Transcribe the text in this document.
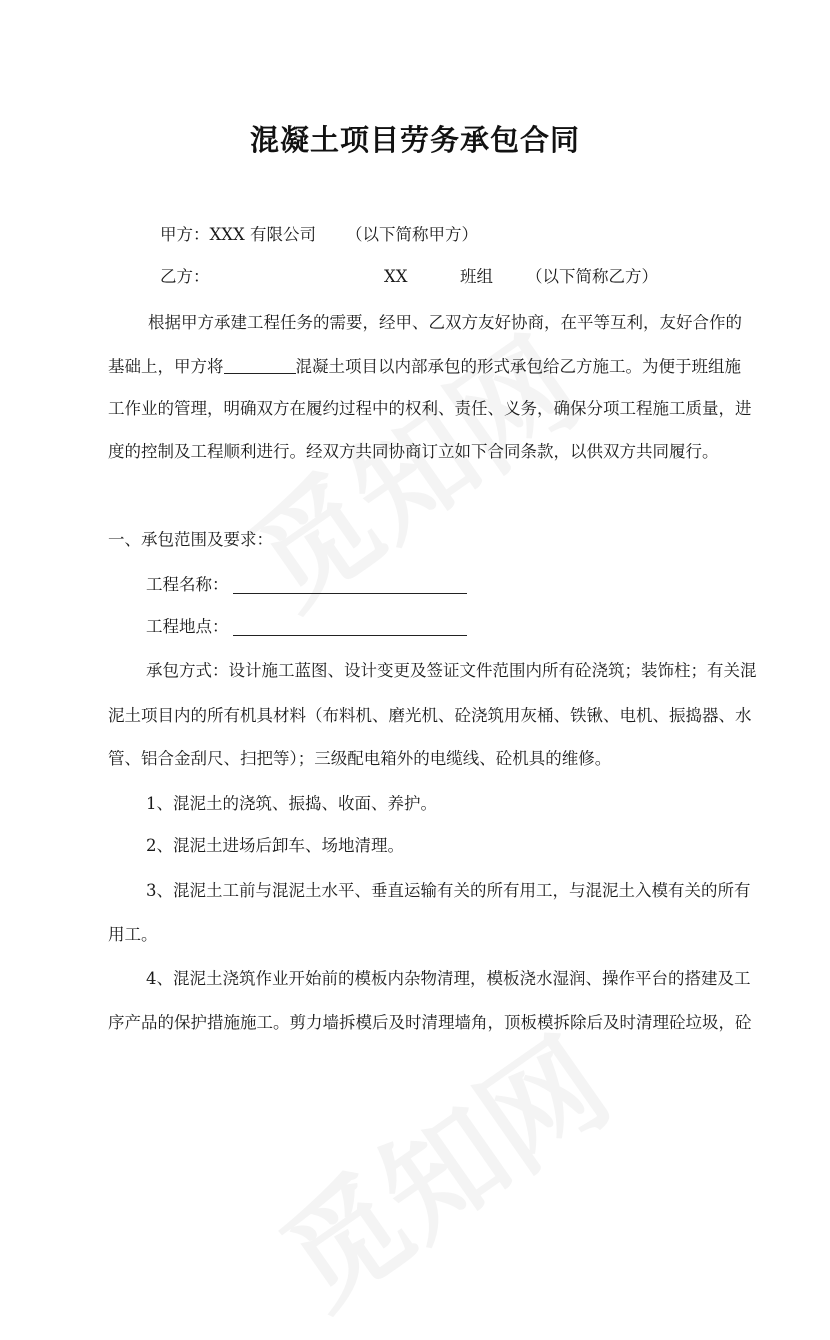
混凝土项目劳务承包合同
甲方：XXX 有限公司 （以下简称甲方）
乙方：	XX	班组 （以下简称乙方）
根据甲方承建工程任务的需要，经甲、乙双方友好协商，在平等互利，友好合作的
基础上，甲方将	混凝土项目以内部承包的形式承包给乙方施工。为便于班组施
工作业的管理，明确双方在履约过程中的权利、责任、义务，确保分项工程施工质量，进
度的控制及工程顺利进行。经双方共同协商订立如下合同条款，以供双方共同履行。
一、承包范围及要求：
工程名称：
工程地点：
承包方式：设计施工蓝图、设计变更及签证文件范围内所有砼浇筑；装饰柱；有关混
泥土项目内的所有机具材料（布料机、磨光机、砼浇筑用灰桶、铁锹、电机、振捣器、水
管、铝合金刮尺、扫把等）；三级配电箱外的电缆线、砼机具的维修。
1、混泥土的浇筑、振捣、收面、养护。
2、混泥土进场后卸车、场地清理。
3、混泥土工前与混泥土水平、垂直运输有关的所有用工，与混泥土入模有关的所有
用工。
4、混泥土浇筑作业开始前的模板内杂物清理，模板浇水湿润、操作平台的搭建及工
序产品的保护措施施工。剪力墙拆模后及时清理墙角，顶板模拆除后及时清理砼垃圾，砼
